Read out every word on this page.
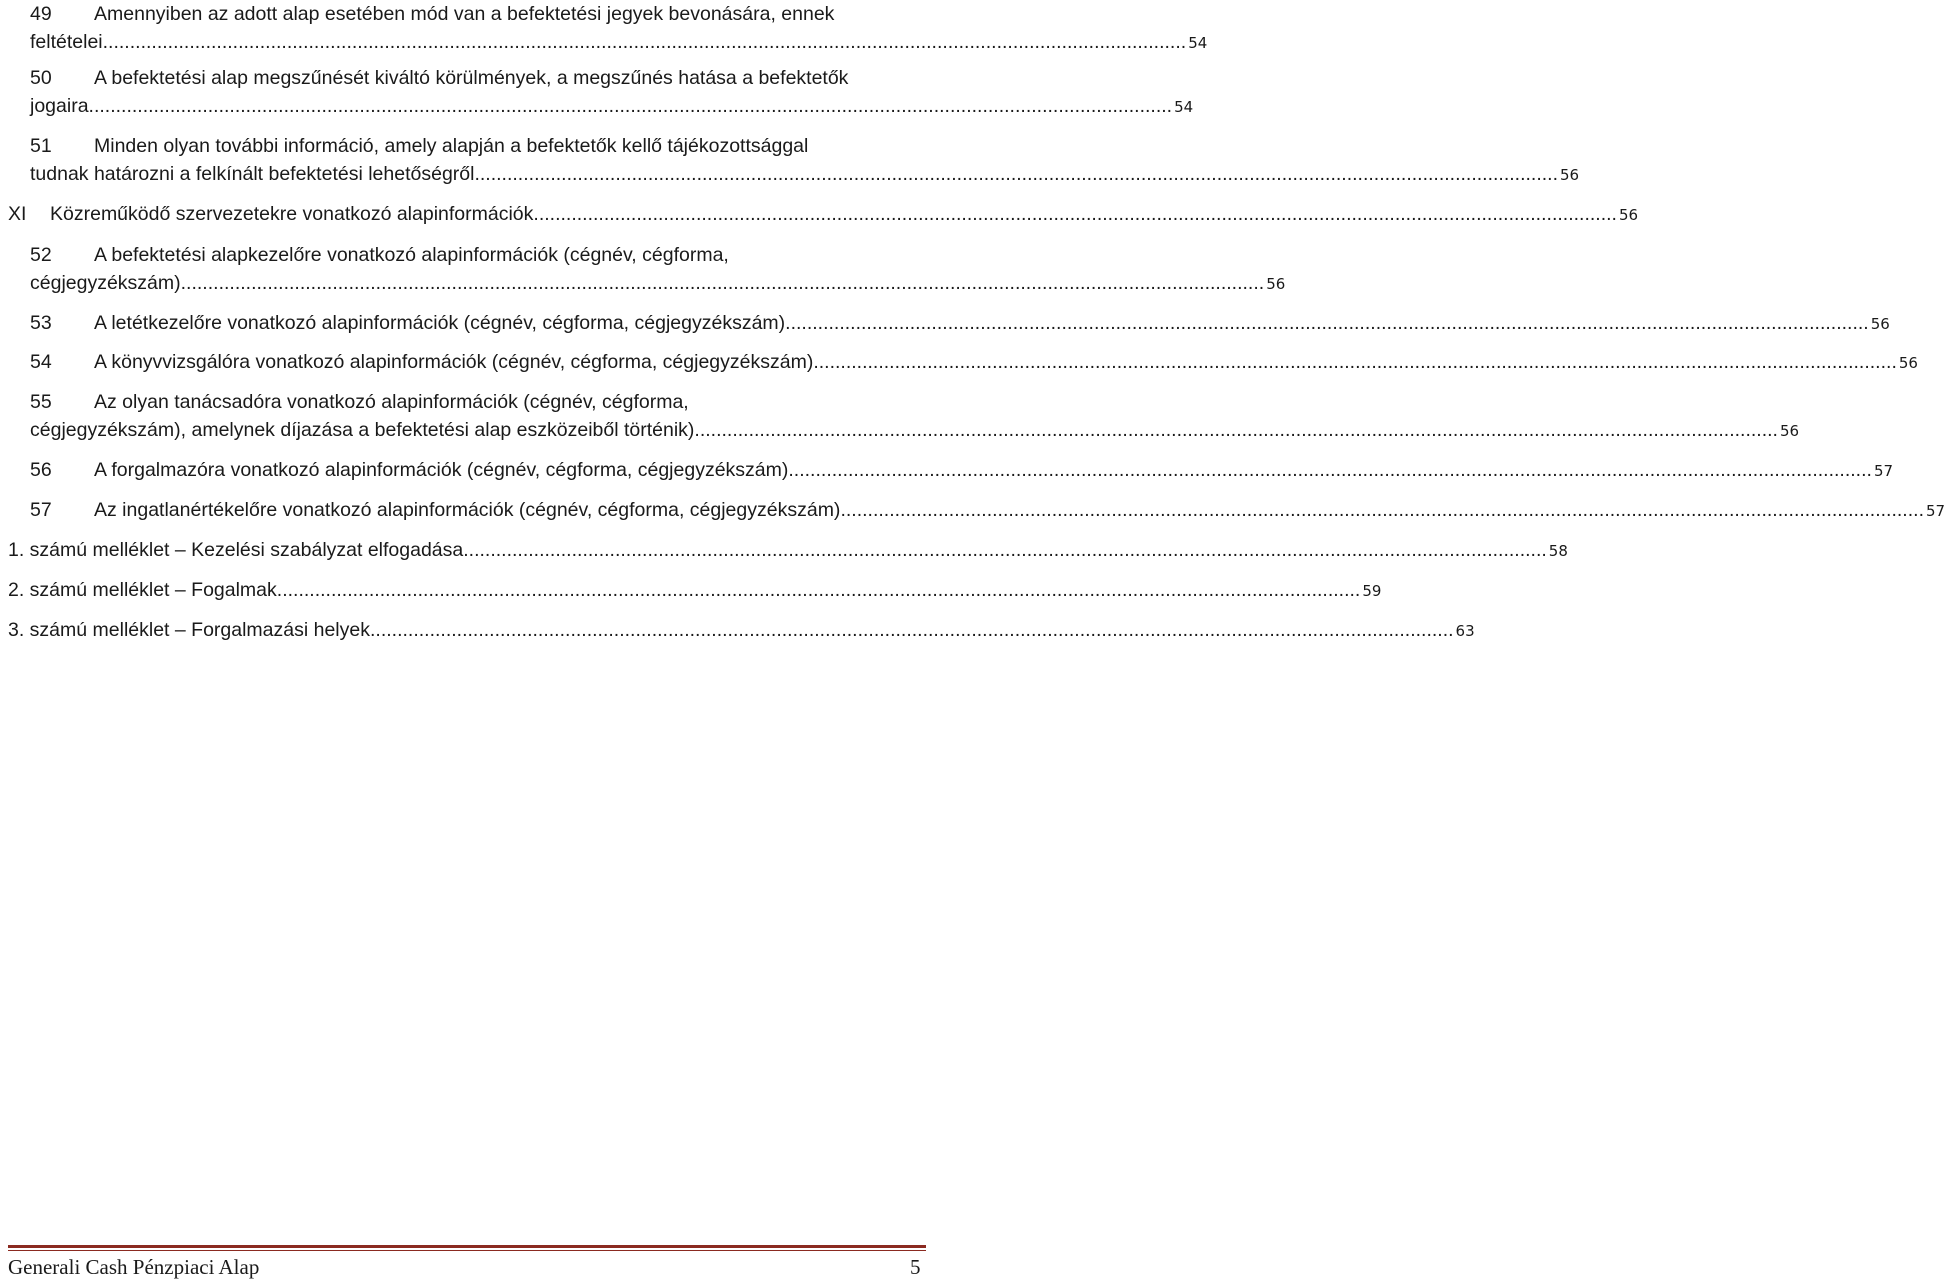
49 Amennyiben az adott alap esetében mód van a befektetési jegyek bevonására, ennek
feltételei ........................................................................................................................................................................................................ 54
50 A befektetési alap megszűnését kiváltó körülmények, a megszűnés hatása a befektetők
jogaira ........................................................................................................................................................................................................ 54
51 Minden olyan további információ, amely alapján a befektetők kellő tájékozottsággal
tudnak határozni a felkínált befektetési lehetőségről ........................................................................................................................................................................................................ 56
XI	Közreműködő szervezetekre vonatkozó alapinformációk ........................................................................................................................................................................................................ 56
52 A befektetési alapkezelőre vonatkozó alapinformációk (cégnév, cégforma,
cégjegyzékszám) ........................................................................................................................................................................................................ 56
53	A letétkezelőre vonatkozó alapinformációk (cégnév, cégforma, cégjegyzékszám) ........................................................................................................................................................................................................ 56
54	A könyvvizsgálóra vonatkozó alapinformációk (cégnév, cégforma, cégjegyzékszám) ........................................................................................................................................................................................................ 56
55 Az olyan tanácsadóra vonatkozó alapinformációk (cégnév, cégforma,
cégjegyzékszám), amelynek díjazása a befektetési alap eszközeiből történik) ........................................................................................................................................................................................................ 56
56	A forgalmazóra vonatkozó alapinformációk (cégnév, cégforma, cégjegyzékszám) ........................................................................................................................................................................................................ 57
57	Az ingatlanértékelőre vonatkozó alapinformációk (cégnév, cégforma, cégjegyzékszám) ........................................................................................................................................................................................................ 57
1. számú melléklet – Kezelési szabályzat elfogadása ........................................................................................................................................................................................................ 58
2. számú melléklet – Fogalmak ........................................................................................................................................................................................................ 59
3. számú melléklet – Forgalmazási helyek ........................................................................................................................................................................................................ 63
Generali Cash Pénzpiaci Alap	5
